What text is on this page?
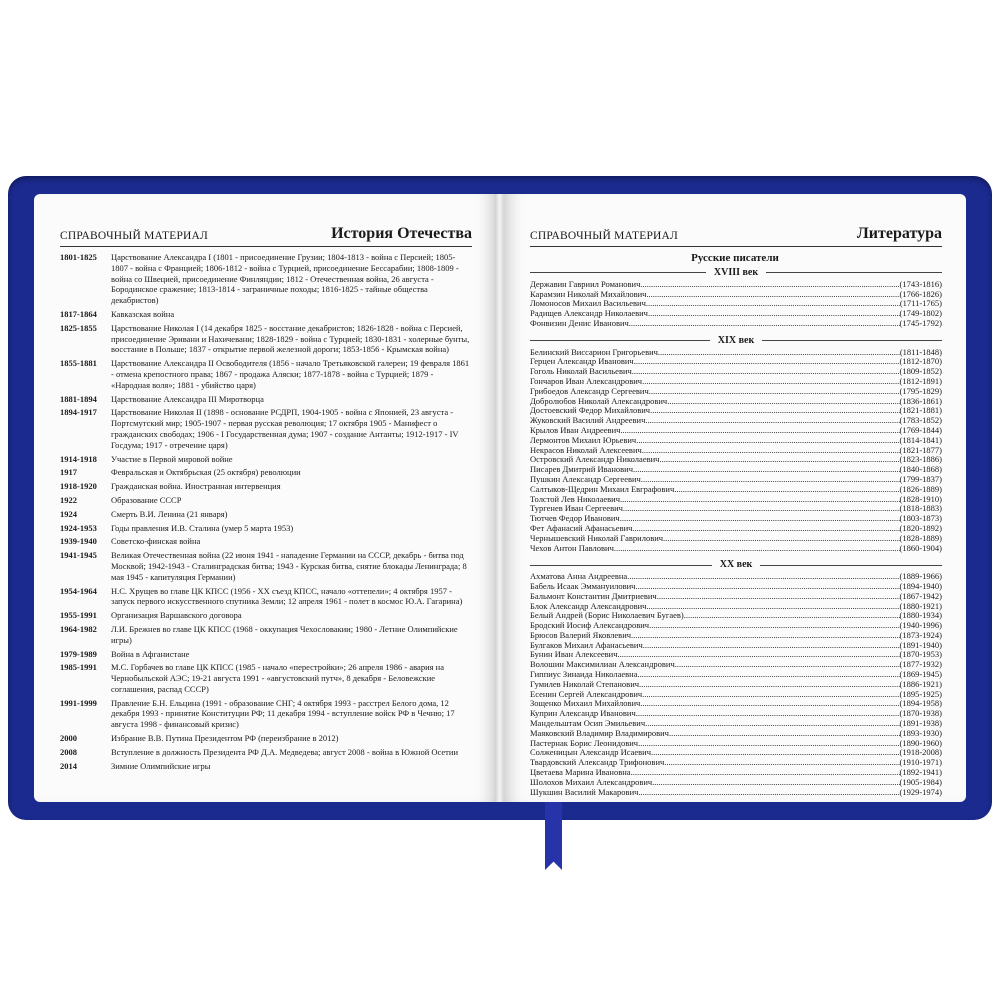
СПРАВОЧНЫЙ МАТЕРИАЛ	История Отечества
1801-1825	Царствование Александра I (1801 - присоединение Грузии; 1804-1813 - война с Персией; 1805-1807 - война с Францией; 1806-1812 - война с Турцией, присоединение Бессарабии; 1808-1809 - война со Швецией, присоединение Финляндии; 1812 - Отечественная война, 26 августа - Бородинское сражение; 1813-1814 - заграничные походы; 1816-1825 - тайные общества декабристов)
1817-1864	Кавказская война
1825-1855	Царствование Николая I (14 декабря 1825 - восстание декабристов; 1826-1828 - война с Персией, присоединение Эривани и Нахичевани; 1828-1829 - война с Турцией; 1830-1831 - холерные бунты, восстание в Польше; 1837 - открытие первой железной дороги; 1853-1856 - Крымская война)
1855-1881	Царствование Александра II Освободителя (1856 - начало Третьяковской галереи; 19 февраля 1861 - отмена крепостного права; 1867 - продажа Аляски; 1877-1878 - война с Турцией; 1879 - «Народная воля»; 1881 - убийство царя)
1881-1894	Царствование Александра III Миротворца
1894-1917	Царствование Николая II (1898 - основание РСДРП, 1904-1905 - война с Японией, 23 августа - Портсмутский мир; 1905-1907 - первая русская революция; 17 октября 1905 - Манифест о гражданских свободах; 1906 - I Государственная дума; 1907 - создание Антанты; 1912-1917 - IV Госдума; 1917 - отречение царя)
1914-1918	Участие в Первой мировой войне
1917	Февральская и Октябрьская (25 октября) революции
1918-1920	Гражданская война. Иностранная интервенция
1922	Образование СССР
1924	Смерть В.И. Ленина (21 января)
1924-1953	Годы правления И.В. Сталина (умер 5 марта 1953)
1939-1940	Советско-финская война
1941-1945	Великая Отечественная война (22 июня 1941 - нападение Германии на СССР, декабрь - битва под Москвой; 1942-1943 - Сталинградская битва; 1943 - Курская битва, снятие блокады Ленинграда; 8 мая 1945 - капитуляция Германии)
1954-1964	Н.С. Хрущев во главе ЦК КПСС (1956 - XX съезд КПСС, начало «оттепели»; 4 октября 1957 - запуск первого искусственного спутника Земли; 12 апреля 1961 - полет в космос Ю.А. Гагарина)
1955-1991	Организация Варшавского договора
1964-1982	Л.И. Брежнев во главе ЦК КПСС (1968 - оккупация Чехословакии; 1980 - Летние Олимпийские игры)
1979-1989	Война в Афганистане
1985-1991	М.С. Горбачев во главе ЦК КПСС (1985 - начало «перестройки»; 26 апреля 1986 - авария на Чернобыльской АЭС; 19-21 августа 1991 - «августовский путч», 8 декабря - Беловежские соглашения, распад СССР)
1991-1999	Правление Б.Н. Ельцина (1991 - образование СНГ; 4 октября 1993 - расстрел Белого дома, 12 декабря 1993 - принятие Конституции РФ; 11 декабря 1994 - вступление войск РФ в Чечню; 17 августа 1998 - финансовый кризис)
2000	Избрание В.В. Путина Президентом РФ (переизбрание в 2012)
2008	Вступление в должность Президента РФ Д.А. Медведева; август 2008 - война в Южной Осетии
2014	Зимние Олимпийские игры
СПРАВОЧНЫЙ МАТЕРИАЛ	Литература
Русские писатели
XVIII век
Державин Гавриил Романович .....	(1743-1816)
Карамзин Николай Михайлович .....	(1766-1826)
Ломоносов Михаил Васильевич .....	(1711-1765)
Радищев Александр Николаевич .....	(1749-1802)
Фонвизин Денис Иванович .....	(1745-1792)
XIX век
Белинский Виссарион Григорьевич .....	(1811-1848)
Герцен Александр Иванович .....	(1812-1870)
Гоголь Николай Васильевич .....	(1809-1852)
Гончаров Иван Александрович .....	(1812-1891)
Грибоедов Александр Сергеевич .....	(1795-1829)
Добролюбов Николай Александрович .....	(1836-1861)
Достоевский Федор Михайлович .....	(1821-1881)
Жуковский Василий Андреевич .....	(1783-1852)
Крылов Иван Андреевич .....	(1769-1844)
Лермонтов Михаил Юрьевич .....	(1814-1841)
Некрасов Николай Алексеевич .....	(1821-1877)
Островский Александр Николаевич .....	(1823-1886)
Писарев Дмитрий Иванович .....	(1840-1868)
Пушкин Александр Сергеевич .....	(1799-1837)
Салтыков-Щедрин Михаил Евграфович .....	(1826-1889)
Толстой Лев Николаевич .....	(1828-1910)
Тургенев Иван Сергеевич .....	(1818-1883)
Тютчев Федор Иванович .....	(1803-1873)
Фет Афанасий Афанасьевич .....	(1820-1892)
Чернышевский Николай Гаврилович .....	(1828-1889)
Чехов Антон Павлович .....	(1860-1904)
XX век
Ахматова Анна Андреевна .....	(1889-1966)
Бабель Исаак Эммануилович .....	(1894-1940)
Бальмонт Константин Дмитриевич .....	(1867-1942)
Блок Александр Александрович .....	(1880-1921)
Белый Андрей (Борис Николаевич Бугаев) .....	(1880-1934)
Бродский Иосиф Александрович .....	(1940-1996)
Брюсов Валерий Яковлевич .....	(1873-1924)
Булгаков Михаил Афанасьевич .....	(1891-1940)
Бунин Иван Алексеевич .....	(1870-1953)
Волошин Максимилиан Александрович .....	(1877-1932)
Гиппиус Зинаида Николаевна .....	(1869-1945)
Гумилев Николай Степанович .....	(1886-1921)
Есенин Сергей Александрович .....	(1895-1925)
Зощенко Михаил Михайлович .....	(1894-1958)
Куприн Александр Иванович .....	(1870-1938)
Мандельштам Осип Эмильевич .....	(1891-1938)
Маяковский Владимир Владимирович .....	(1893-1930)
Пастернак Борис Леонидович .....	(1890-1960)
Солженицын Александр Исаевич .....	(1918-2008)
Твардовский Александр Трифонович .....	(1910-1971)
Цветаева Марина Ивановна .....	(1892-1941)
Шолохов Михаил Александрович .....	(1905-1984)
Шукшин Василий Макарович .....	(1929-1974)
